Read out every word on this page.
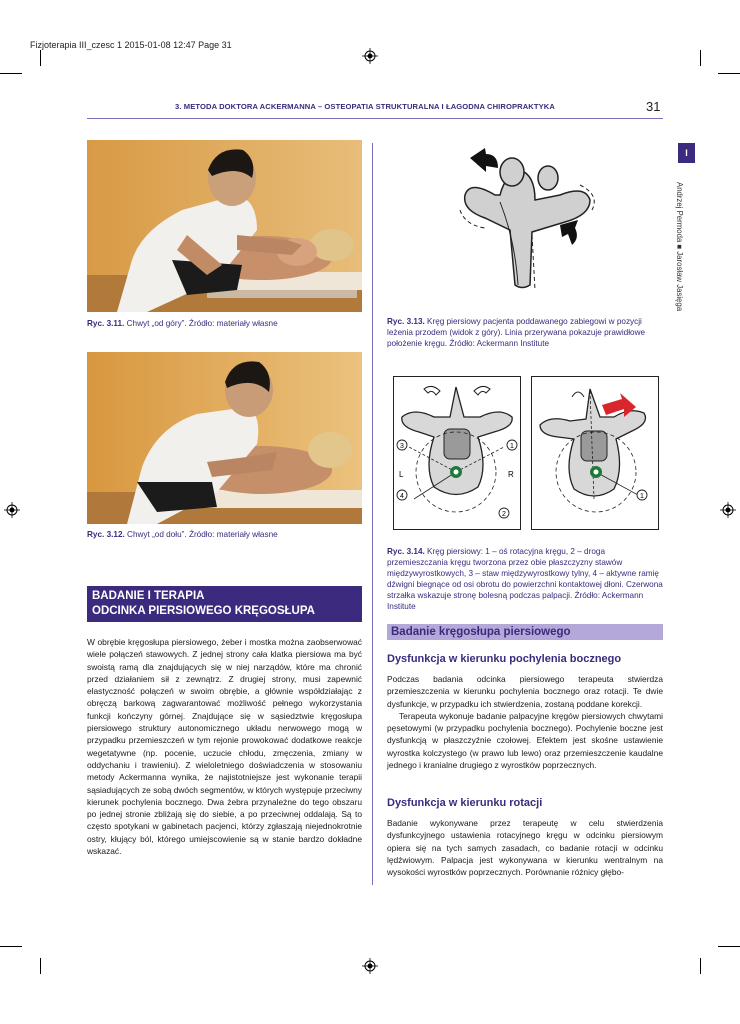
Fizjoterapia III_czesc 1 2015-01-08 12:47 Page 31
3. METODA DOKTORA ACKERMANNA – OSTEOPATIA STRUKTURALNA I ŁAGODNA CHIROPRAKTYKA	31
I
Andrzej Permoda ■ Jarosław Jasięga
Ryc. 3.11. Chwyt „od góry”. Źródło: materiały własne
Ryc. 3.12. Chwyt „od dołu”. Źródło: materiały własne
BADANIE I TERAPIA
ODCINKA PIERSIOWEGO KRĘGOSŁUPA

W obrębie kręgosłupa piersiowego, żeber i mostka można zaobserwować wiele połączeń stawowych. Z jednej strony cała klatka piersiowa ma być swoistą ramą dla znajdujących się w niej narządów, które ma chronić przed działaniem sił z zewnątrz. Z drugiej strony, musi zapewnić elastyczność połączeń w swoim obrębie, a głównie współdziałając z obręczą barkową zagwarantować możliwość pełnego wykorzystania funkcji kończyny górnej. Znajdujące się w sąsiedztwie kręgosłupa piersiowego struktury autonomicznego układu nerwowego mogą w przypadku przemieszczeń w tym rejonie prowokować dodatkowe reakcje wegetatywne (np. pocenie, uczucie chłodu, zmęczenia, zmiany w oddychaniu i trawieniu). Z wieloletniego doświadczenia w stosowaniu metody Ackermanna wynika, że najistotniejsze jest wykonanie terapii sąsiadujących ze sobą dwóch segmentów, w których występuje przeciwny kierunek pochylenia bocznego. Dwa żebra przynależne do tego obszaru po jednej stronie zbliżają się do siebie, a po przeciwnej oddalają. Są to często spotykani w gabinetach pacjenci, którzy zgłaszają niejednokrotnie ostry, kłujący ból, którego umiejscowienie są w stanie bardzo dokładne wskazać.

Ryc. 3.13. Kręg piersiowy pacjenta poddawanego zabiegowi w pozycji leżenia przodem (widok z góry). Linia przerywana pokazuje prawidłowe położenie kręgu. Źródło: Ackermann Institute
3	1
4
2
L	R
1
Ryc. 3.14. Kręg piersiowy: 1 – oś rotacyjna kręgu, 2 – droga przemieszczania kręgu tworzona przez obie płaszczyzny stawów międzywyrostkowych, 3 – staw międzywyrostkowy tylny, 4 – aktywne ramię dźwigni biegnące od osi obrotu do powierzchni kontaktowej dłoni. Czerwona strzałka wskazuje stronę bolesną podczas palpacji. Źródło: Ackermann Institute
Badanie kręgosłupa piersiowego
Dysfunkcja w kierunku pochylenia bocznego

Podczas badania odcinka piersiowego terapeuta stwierdza przemieszczenia w kierunku pochylenia bocznego oraz rotacji. Te dwie dysfunkcje, w przypadku ich stwierdzenia, zostaną poddane korekcji.

Terapeuta wykonuje badanie palpacyjne kręgów piersiowych chwytami pęsetowymi (w przypadku pochylenia bocznego). Pochylenie boczne jest dysfunkcją w płaszczyźnie czołowej. Efektem jest skośne ustawienie wyrostka kolczystego (w prawo lub lewo) oraz przemieszczenie kaudalne jednego i kranialne drugiego z wyrostków poprzecznych.

Dysfunkcja w kierunku rotacji

Badanie wykonywane przez terapeutę w celu stwierdzenia dysfunkcyjnego ustawienia rotacyjnego kręgu w odcinku piersiowym opiera się na tych samych zasadach, co badanie rotacji w odcinku lędźwiowym. Palpacja jest wykonywana w kierunku wentralnym na wysokości wyrostków poprzecznych. Porównanie różnicy głębo-
